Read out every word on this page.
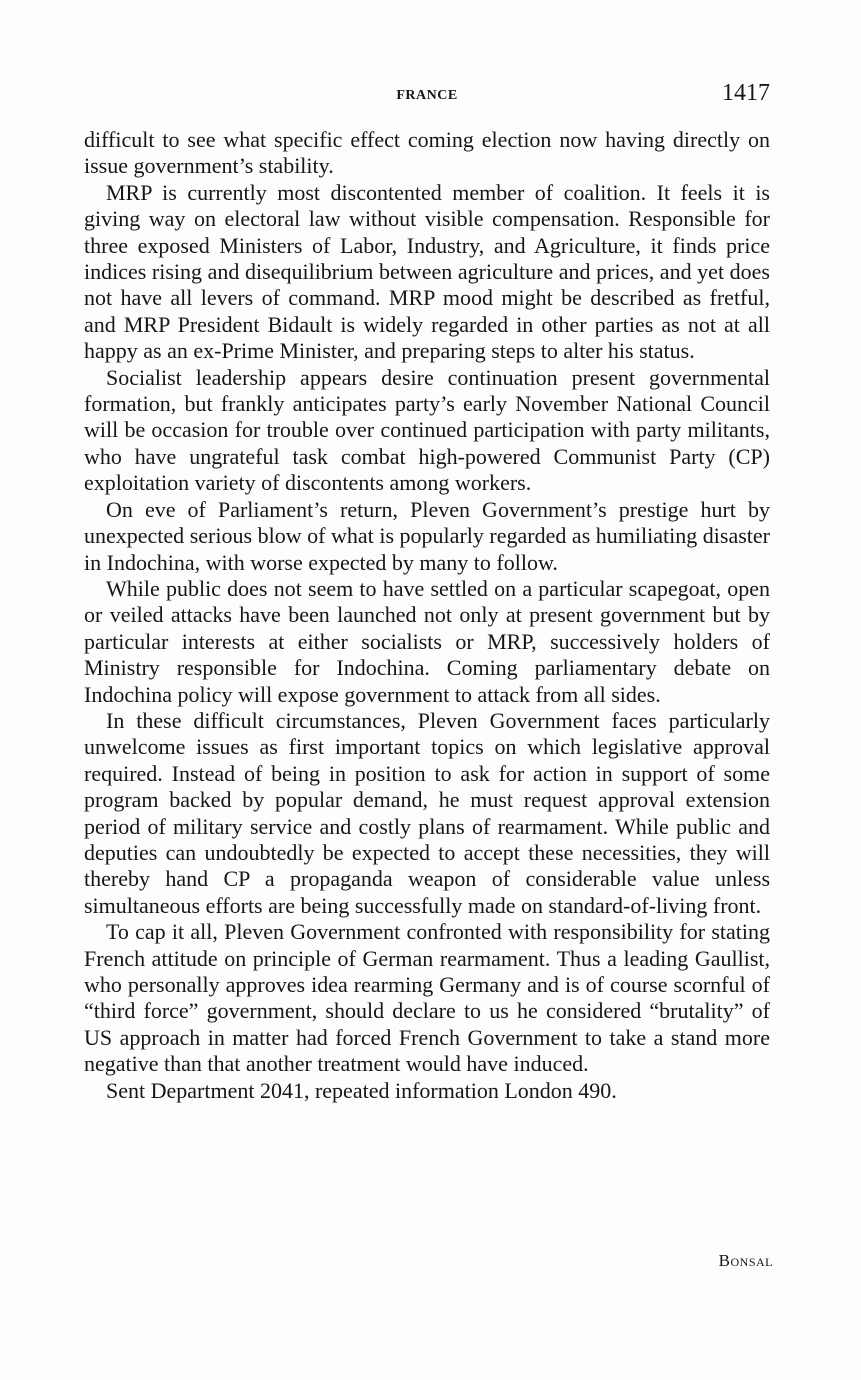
FRANCE	1417

difficult to see what specific effect coming election now having directly on issue government’s stability.

MRP is currently most discontented member of coalition. It feels it is giving way on electoral law without visible compensation. Responsible for three exposed Ministers of Labor, Industry, and Agriculture, it finds price indices rising and disequilibrium between agriculture and prices, and yet does not have all levers of command. MRP mood might be described as fretful, and MRP President Bidault is widely regarded in other parties as not at all happy as an ex-Prime Minister, and preparing steps to alter his status.

Socialist leadership appears desire continuation present governmental formation, but frankly anticipates party’s early November National Council will be occasion for trouble over continued participation with party militants, who have ungrateful task combat high-powered Communist Party (CP) exploitation variety of discontents among workers.

On eve of Parliament’s return, Pleven Government’s prestige hurt by unexpected serious blow of what is popularly regarded as humiliating disaster in Indochina, with worse expected by many to follow.

While public does not seem to have settled on a particular scapegoat, open or veiled attacks have been launched not only at present government but by particular interests at either socialists or MRP, successively holders of Ministry responsible for Indochina. Coming parliamentary debate on Indochina policy will expose government to attack from all sides.

In these difficult circumstances, Pleven Government faces particularly unwelcome issues as first important topics on which legislative approval required. Instead of being in position to ask for action in support of some program backed by popular demand, he must request approval extension period of military service and costly plans of rearmament. While public and deputies can undoubtedly be expected to accept these necessities, they will thereby hand CP a propaganda weapon of considerable value unless simultaneous efforts are being successfully made on standard-of-living front.

To cap it all, Pleven Government confronted with responsibility for stating French attitude on principle of German rearmament. Thus a leading Gaullist, who personally approves idea rearming Germany and is of course scornful of “third force” government, should declare to us he considered “brutality” of US approach in matter had forced French Government to take a stand more negative than that another treatment would have induced.

Sent Department 2041, repeated information London 490.

Bonsal
